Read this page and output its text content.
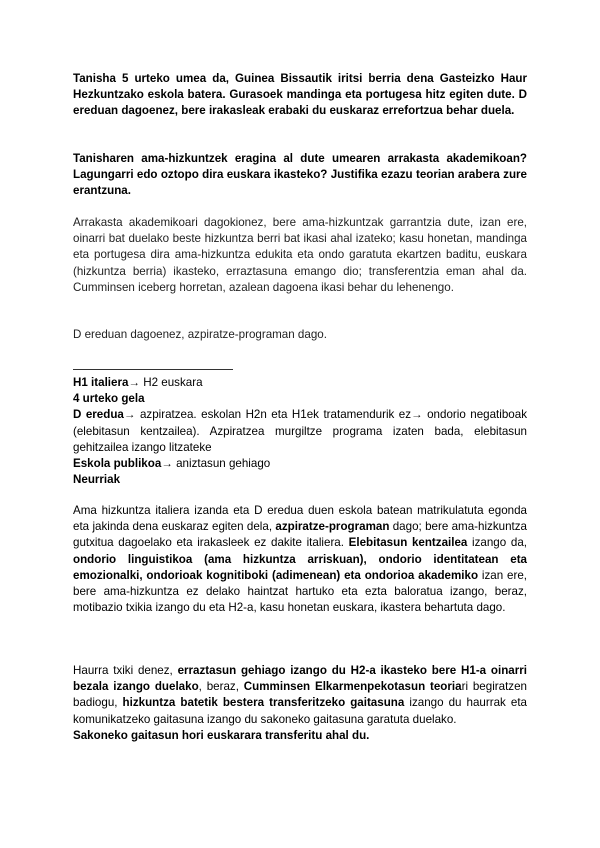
Tanisha 5 urteko umea da, Guinea Bissautik iritsi berria dena Gasteizko Haur Hezkuntzako eskola batera. Gurasoek mandinga eta portugesa hitz egiten dute. D ereduan dagoenez, bere irakasleak erabaki du euskaraz errefortzua behar duela.

Tanisharen ama-hizkuntzek eragina al dute umearen arrakasta akademikoan? Lagungarri edo oztopo dira euskara ikasteko? Justifika ezazu teorian arabera zure erantzuna.

Arrakasta akademikoari dagokionez, bere ama-hizkuntzak garrantzia dute, izan ere, oinarri bat duelako beste hizkuntza berri bat ikasi ahal izateko; kasu honetan, mandinga eta portugesa dira ama-hizkuntza edukita eta ondo garatuta ekartzen baditu, euskara (hizkuntza berria) ikasteko, erraztasuna emango dio; transferentzia eman ahal da. Cumminsen iceberg horretan, azalean dagoena ikasi behar du lehenengo.

D ereduan dagoenez, azpiratze-programan dago.

H1 italiera→ H2 euskara
4 urteko gela
D eredua→ azpiratzea. eskolan H2n eta H1ek tratamendurik ez→ ondorio negatiboak (elebitasun kentzailea). Azpiratzea murgiltze programa izaten bada, elebitasun gehitzailea izango litzateke
Eskola publikoa→ aniztasun gehiago
Neurriak

Ama hizkuntza italiera izanda eta D eredua duen eskola batean matrikulatuta egonda eta jakinda dena euskaraz egiten dela, azpiratze-programan dago; bere ama-hizkuntza gutxitua dagoelako eta irakasleek ez dakite italiera. Elebitasun kentzailea izango da, ondorio linguistikoa (ama hizkuntza arriskuan), ondorio identitatean eta emozionalki, ondorioak kognitiboki (adimenean) eta ondorioa akademiko izan ere, bere ama-hizkuntza ez delako haintzat hartuko eta ezta baloratua izango, beraz, motibazio txikia izango du eta H2-a, kasu honetan euskara, ikastera behartuta dago.

Haurra txiki denez, erraztasun gehiago izango du H2-a ikasteko bere H1-a oinarri bezala izango duelako, beraz, Cumminsen Elkarmenpekotasun teoriari begiratzen badiogu, hizkuntza batetik bestera transferitzeko gaitasuna izango du haurrak eta komunikatzeko gaitasuna izango du sakoneko gaitasuna garatuta duelako.
Sakoneko gaitasun hori euskarara transferitu ahal du.
